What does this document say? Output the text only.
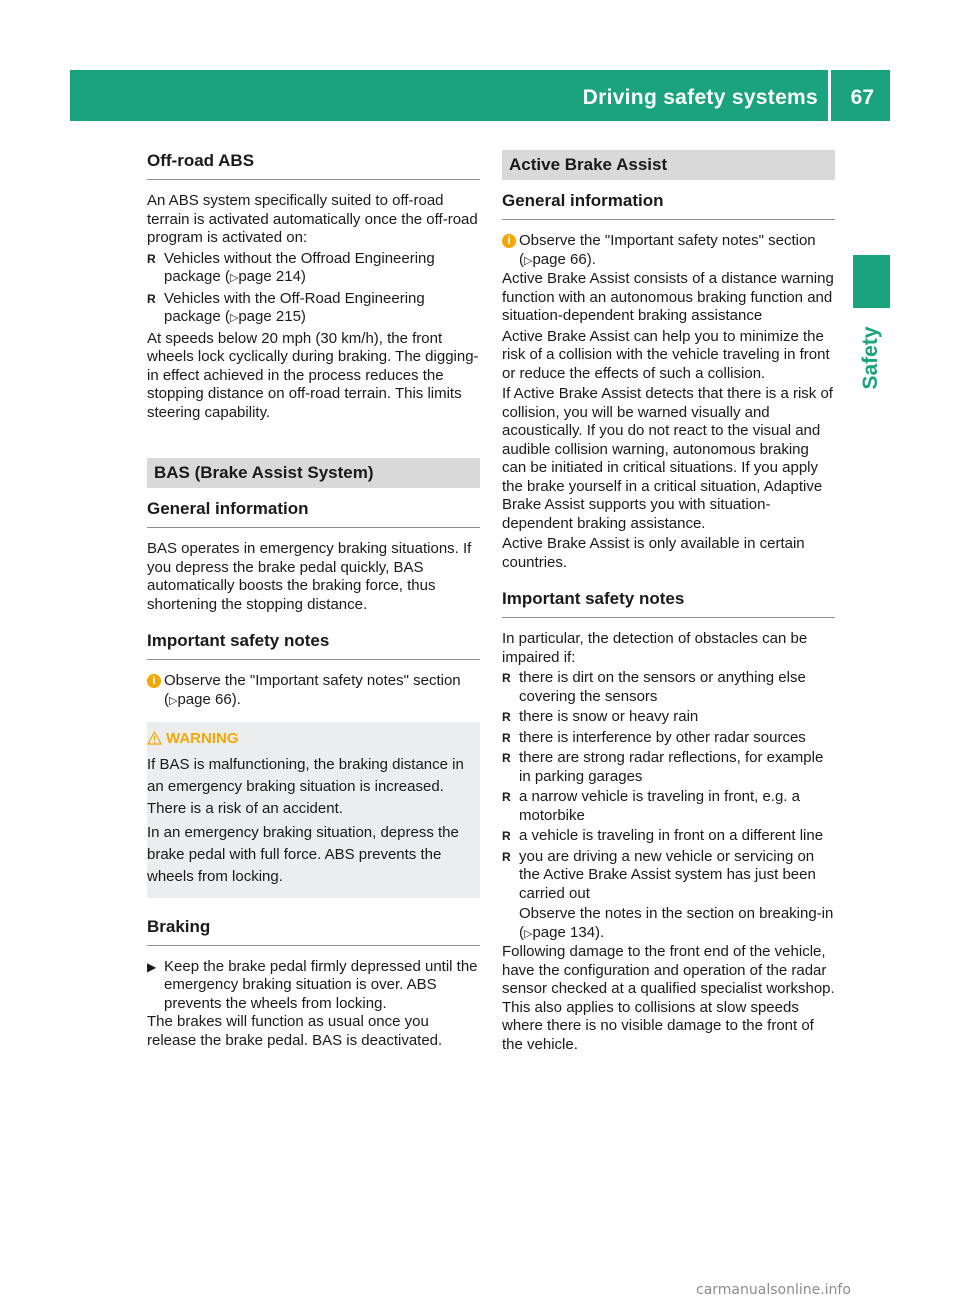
Driving safety systems 67
Safety
Off-road ABS

An ABS system specifically suited to off-road terrain is activated automatically once the off-road program is activated on:

R Vehicles without the Offroad Engineering package (▷page 214)
R Vehicles with the Off-Road Engineering package (▷page 215)

At speeds below 20 mph (30 km/h), the front wheels lock cyclically during braking. The digging-in effect achieved in the process reduces the stopping distance on off-road terrain. This limits steering capability.

BAS (Brake Assist System)
General information

BAS operates in emergency braking situations. If you depress the brake pedal quickly, BAS automatically boosts the braking force, thus shortening the stopping distance.

Important safety notes
i Observe the "Important safety notes" section (▷page 66).
WARNING

If BAS is malfunctioning, the braking distance in an emergency braking situation is increased. There is a risk of an accident.

In an emergency braking situation, depress the brake pedal with full force. ABS prevents the wheels from locking.

Braking
▶ Keep the brake pedal firmly depressed until the emergency braking situation is over. ABS prevents the wheels from locking.

The brakes will function as usual once you release the brake pedal. BAS is deactivated.

Active Brake Assist
General information
i Observe the "Important safety notes" section (▷page 66).

Active Brake Assist consists of a distance warning function with an autonomous braking function and situation-dependent braking assistance

Active Brake Assist can help you to minimize the risk of a collision with the vehicle traveling in front or reduce the effects of such a collision.

If Active Brake Assist detects that there is a risk of collision, you will be warned visually and acoustically. If you do not react to the visual and audible collision warning, autonomous braking can be initiated in critical situations. If you apply the brake yourself in a critical situation, Adaptive Brake Assist supports you with situation-dependent braking assistance.

Active Brake Assist is only available in certain countries.

Important safety notes

In particular, the detection of obstacles can be impaired if:

R there is dirt on the sensors or anything else covering the sensors
R there is snow or heavy rain
R there is interference by other radar sources
R there are strong radar reflections, for example in parking garages
R a narrow vehicle is traveling in front, e.g. a motorbike
R a vehicle is traveling in front on a different line
R you are driving a new vehicle or servicing on the Active Brake Assist system has just been carried out
Observe the notes in the section on breaking-in (▷page 134).

Following damage to the front end of the vehicle, have the configuration and operation of the radar sensor checked at a qualified specialist workshop. This also applies to collisions at slow speeds where there is no visible damage to the front of the vehicle.

carmanualsonline.info
